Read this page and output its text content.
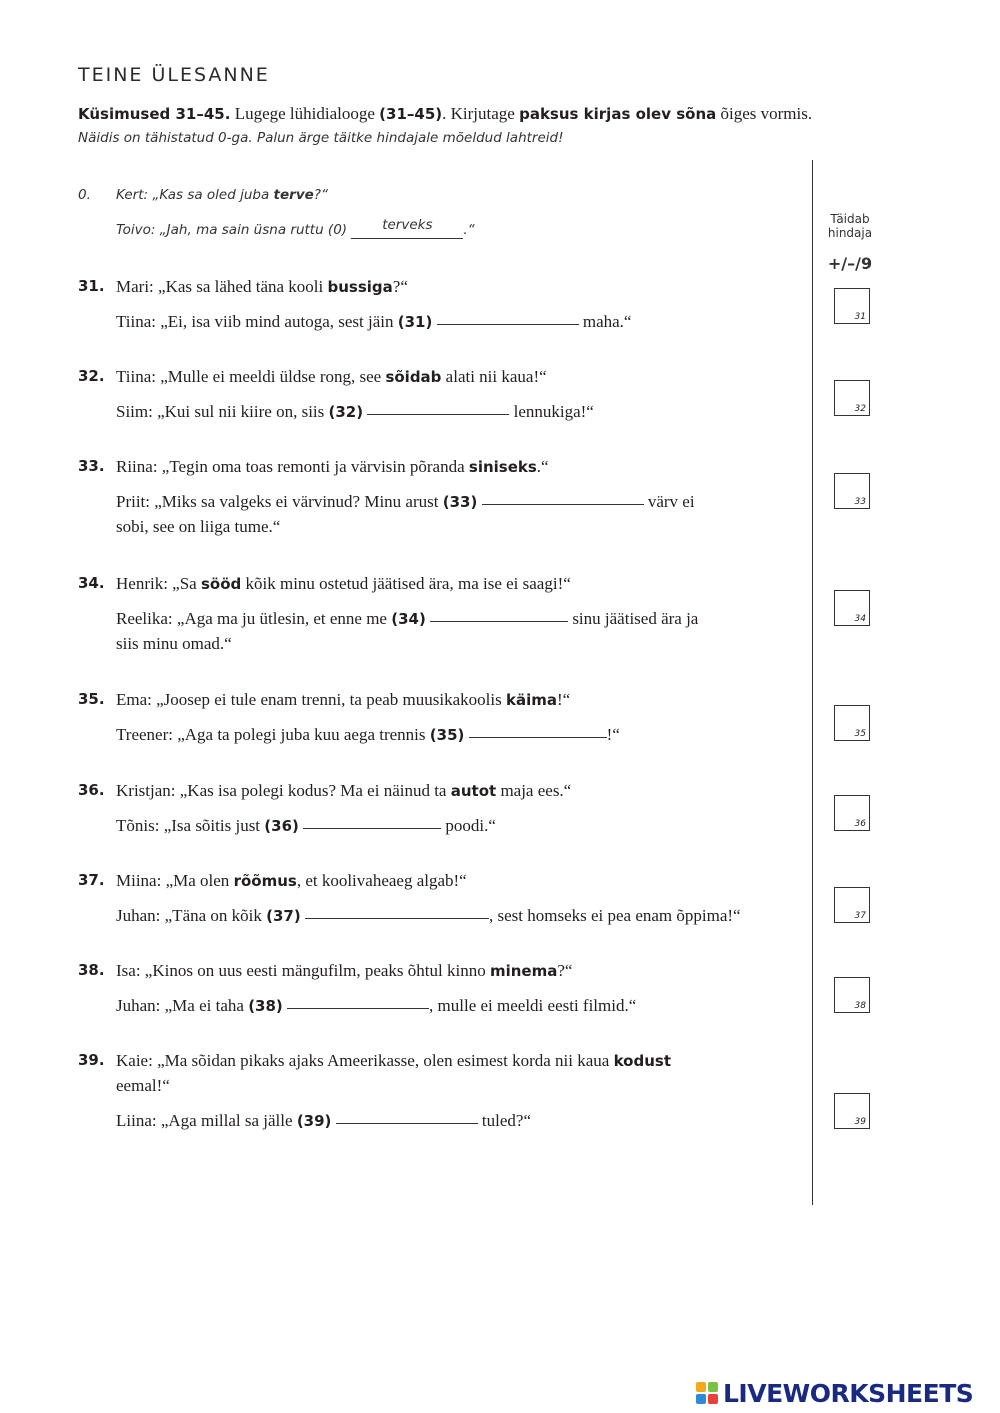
TEINE ÜLESANNE
Küsimused 31–45. Lugege lühidialooge (31–45). Kirjutage paksus kirjas olev sõna õiges vormis.
Näidis on tähistatud 0-ga. Palun ärge täitke hindajale mõeldud lahtreid!
Täidab
hindaja
+/–/9
0. Kert: „Kas sa oled juba terve?“
Toivo: „Jah, ma sain üsna ruttu (0) terveks .“
31. Mari: „Kas sa lähed täna kooli bussiga?“
Tiina: „Ei, isa viib mind autoga, sest jäin (31)	maha.“	31
32. Tiina: „Mulle ei meeldi üldse rong, see sõidab alati nii kaua!“
Siim: „Kui sul nii kiire on, siis (32)	lennukiga!“	32
33. Riina: „Tegin oma toas remonti ja värvisin põranda siniseks.“
Priit: „Miks sa valgeks ei värvinud? Minu arust (33)	värv ei
sobi, see on liiga tume.“
33
34. Henrik: „Sa sööd kõik minu ostetud jäätised ära, ma ise ei saagi!“
Reelika: „Aga ma ju ütlesin, et enne me (34)	sinu jäätised ära ja
siis minu omad.“
34
35. Ema: „Joosep ei tule enam trenni, ta peab muusikakoolis käima!“
Treener: „Aga ta polegi juba kuu aega trennis (35)	!“	35
36. Kristjan: „Kas isa polegi kodus? Ma ei näinud ta autot maja ees.“
Tõnis: „Isa sõitis just (36)	poodi.“	36
37. Miina: „Ma olen rõõmus, et koolivaheaeg algab!“
Juhan: „Täna on kõik (37)	, sest homseks ei pea enam õppima!“	37
38. Isa: „Kinos on uus eesti mängufilm, peaks õhtul kinno minema?“
Juhan: „Ma ei taha (38)	, mulle ei meeldi eesti filmid.“	38
39. Kaie: „Ma sõidan pikaks ajaks Ameerikasse, olen esimest korda nii kaua kodust
eemal!“
Liina: „Aga millal sa jälle (39)	tuled?“	39
LIVEWORKSHEETS
